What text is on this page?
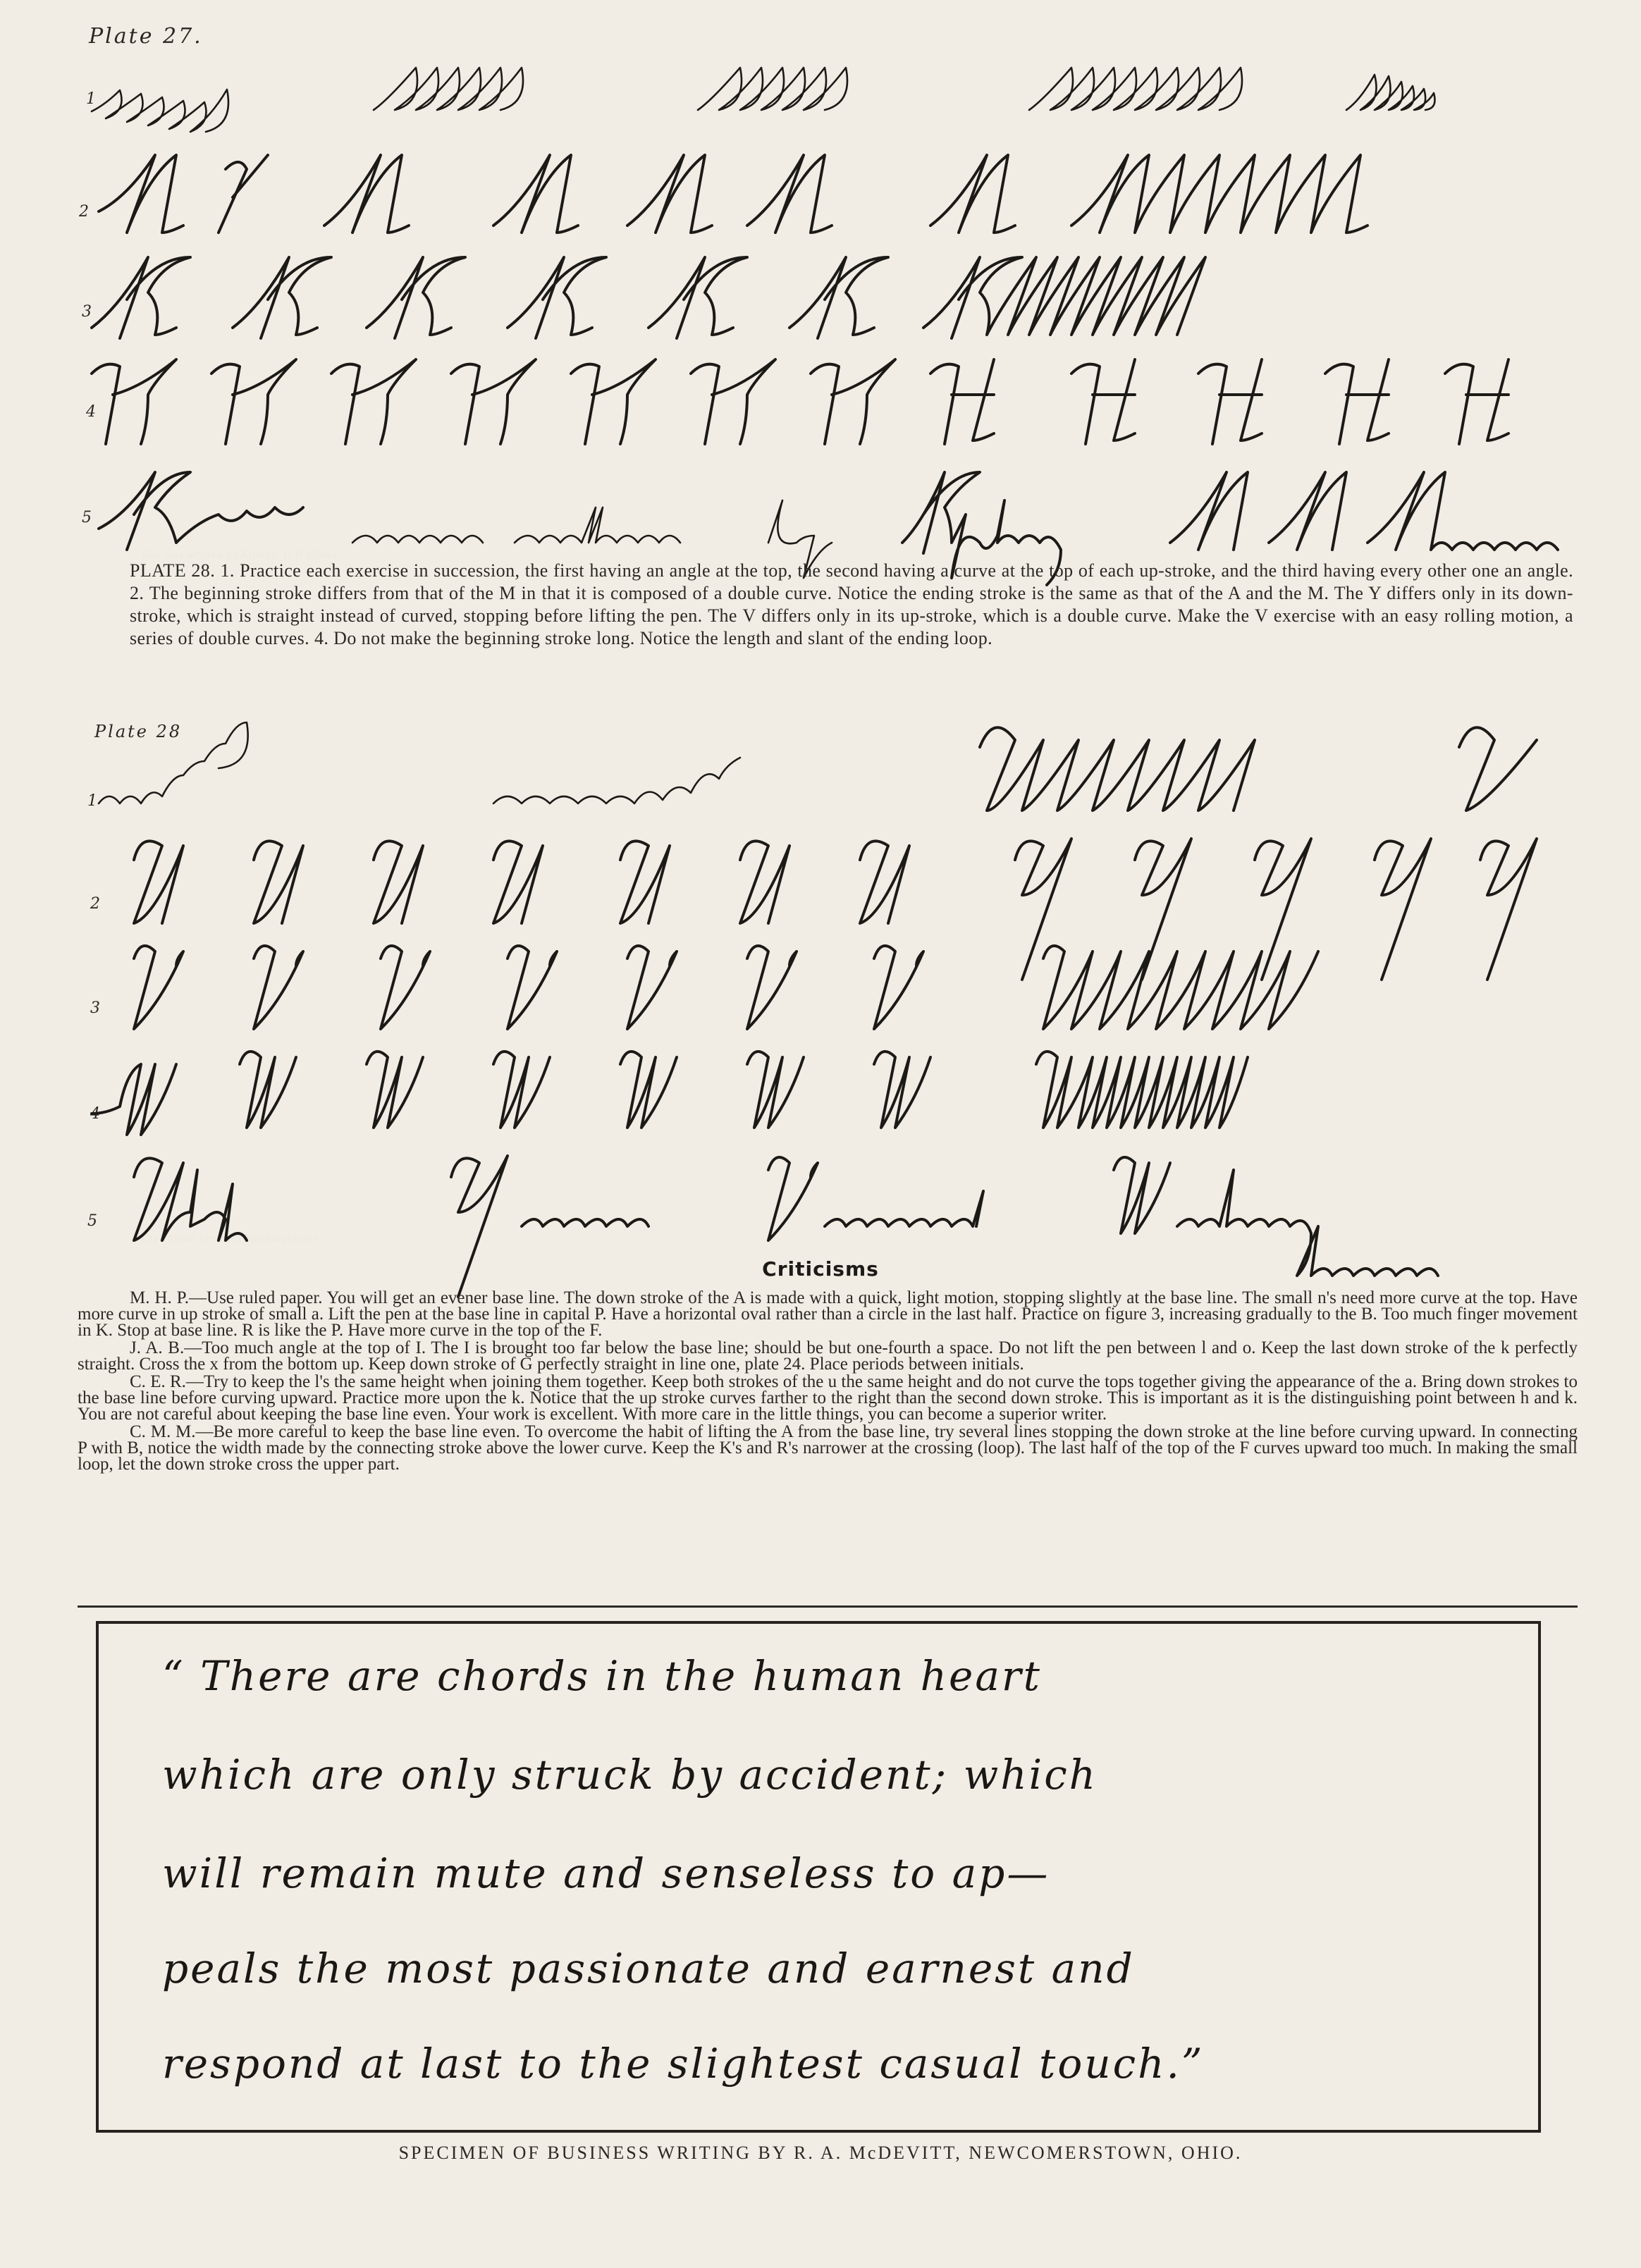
Plate 27.
1
2
3
4
5
PLATE 28. 1. Practice each exercise in succession, the first having an angle at the top, the second having a curve at the top of each up-stroke, and the third having every other one an angle. 2. The beginning stroke differs from that of the M in that it is composed of a double curve. Notice the ending stroke is the same as that of the A and the M. The Y differs only in its down-stroke, which is straight instead of curved, stopping before lifting the pen. The V differs only in its up-stroke, which is a double curve. Make the V exercise with an easy rolling motion, a series of double curves. 4. Do not make the beginning stroke long. Notice the length and slant of the ending loop.
Plate 28
1
2
3
4
5
Criticisms

M. H. P.—Use ruled paper. You will get an evener base line. The down stroke of the A is made with a quick, light motion, stopping slightly at the base line. The small n's need more curve at the top. Have more curve in up stroke of small a. Lift the pen at the base line in capital P. Have a horizontal oval rather than a circle in the last half. Practice on figure 3, increasing gradually to the B. Too much finger movement in K. Stop at base line. R is like the P. Have more curve in the top of the F.

J. A. B.—Too much angle at the top of I. The I is brought too far below the base line; should be but one-fourth a space. Do not lift the pen between l and o. Keep the last down stroke of the k perfectly straight. Cross the x from the bottom up. Keep down stroke of G perfectly straight in line one, plate 24. Place periods between initials.

C. E. R.—Try to keep the l's the same height when joining them together. Keep both strokes of the u the same height and do not curve the tops together giving the appearance of the a. Bring down strokes to the base line before curving upward. Practice more upon the k. Notice that the up stroke curves farther to the right than the second down stroke. This is important as it is the distinguishing point between h and k. You are not careful about keeping the base line even. Your work is excellent. With more care in the little things, you can become a superior writer.

C. M. M.—Be more careful to keep the base line even. To overcome the habit of lifting the A from the base line, try several lines stopping the down stroke at the line before curving upward. In connecting P with B, notice the width made by the connecting stroke above the lower curve. Keep the K's and R's narrower at the crossing (loop). The last half of the top of the F curves upward too much. In making the small loop, let the down stroke cross the upper part.

“ There are chords in the human heart
which are only struck by accident; which
will remain mute and senseless to ap—
peals the most passionate and earnest and
respond at last to the slightest casual touch.”
SPECIMEN OF BUSINESS WRITING BY R. A. McDEVITT, NEWCOMERSTOWN, OHIO.
